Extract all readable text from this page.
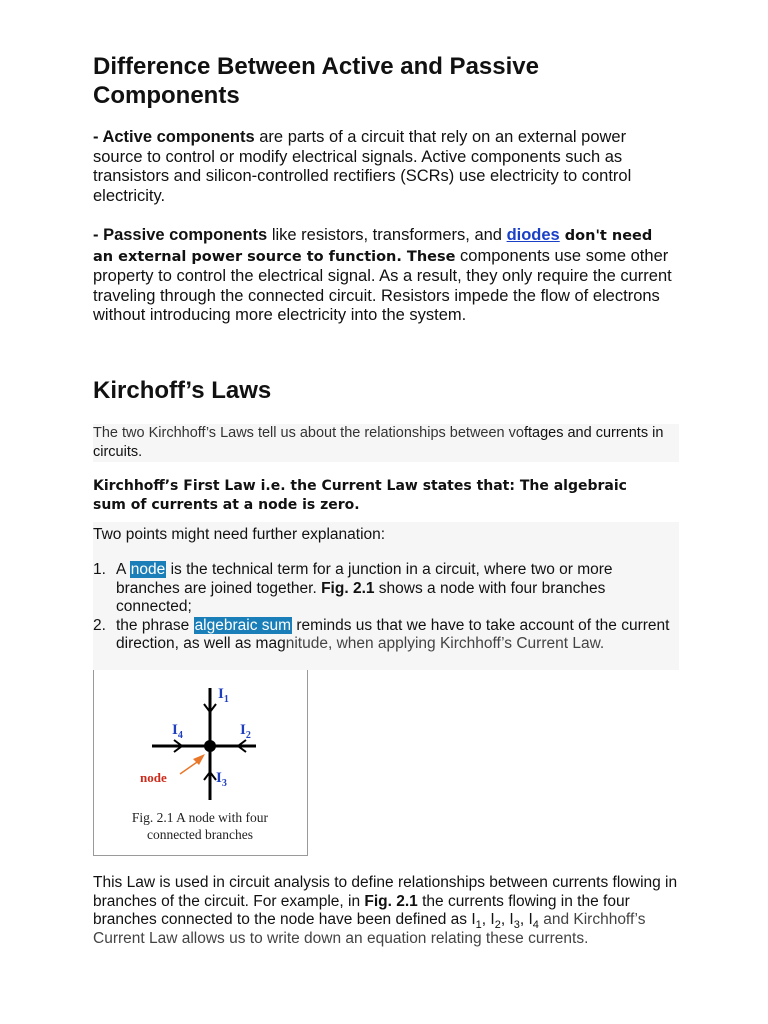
Difference Between Active and Passive Components

- Active components are parts of a circuit that rely on an external power source to control or modify electrical signals. Active components such as transistors and silicon-controlled rectifiers (SCRs) use electricity to control electricity.

- Passive components like resistors, transformers, and diodes don't need an external power source to function. These components use some other property to control the electrical signal. As a result, they only require the current traveling through the connected circuit. Resistors impede the flow of electrons without introducing more electricity into the system.

Kirchoff’s Laws
The two Kirchhoff’s Laws tell us about the relationships between voftages and currents in circuits.
Kirchhoff’s First Law i.e. the Current Law states that: The algebraic sum of currents at a node is zero.
Two points might need further explanation:
1. A node is the technical term for a junction in a circuit, where two or more branches are joined together. Fig. 2.1 shows a node with four branches connected;
2. the phrase algebraic sum reminds us that we have to take account of the current direction, as well as magnitude, when applying Kirchhoff’s Current Law.
$I_1$
$I_4$	$I_2$
$I_3$
node
Fig. 2.1 A node with four
connected branches
This Law is used in circuit analysis to define relationships between currents flowing in branches of the circuit. For example, in Fig. 2.1 the currents flowing in the four branches connected to the node have been defined as $I_1$, $I_2$, $I_3$, $I_4$ and Kirchhoff’s Current Law allows us to write down an equation relating these currents.
